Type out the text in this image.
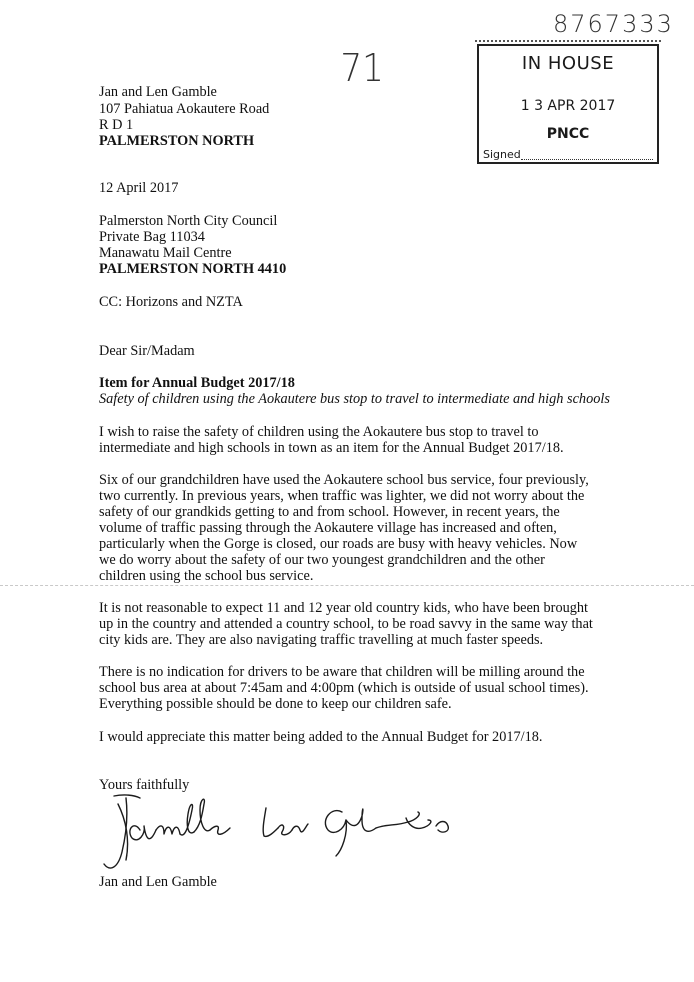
8767333
71	IN HOUSE
1 3 APR 2017
PNCC
Signed
Jan and Len Gamble
107 Pahiatua Aokautere Road
R D 1
PALMERSTON NORTH
12 April 2017
Palmerston North City Council
Private Bag 11034
Manawatu Mail Centre
PALMERSTON NORTH 4410
CC: Horizons and NZTA
Dear Sir/Madam
Item for Annual Budget 2017/18
Safety of children using the Aokautere bus stop to travel to intermediate and high schools
I wish to raise the safety of children using the Aokautere bus stop to travel to
intermediate and high schools in town as an item for the Annual Budget 2017/18.
Six of our grandchildren have used the Aokautere school bus service, four previously,
two currently. In previous years, when traffic was lighter, we did not worry about the
safety of our grandkids getting to and from school. However, in recent years, the
volume of traffic passing through the Aokautere village has increased and often,
particularly when the Gorge is closed, our roads are busy with heavy vehicles. Now
we do worry about the safety of our two youngest grandchildren and the other
children using the school bus service.
It is not reasonable to expect 11 and 12 year old country kids, who have been brought
up in the country and attended a country school, to be road savvy in the same way that
city kids are. They are also navigating traffic travelling at much faster speeds.
There is no indication for drivers to be aware that children will be milling around the
school bus area at about 7:45am and 4:00pm (which is outside of usual school times).
Everything possible should be done to keep our children safe.
I would appreciate this matter being added to the Annual Budget for 2017/18.
Yours faithfully
Jan and Len Gamble
